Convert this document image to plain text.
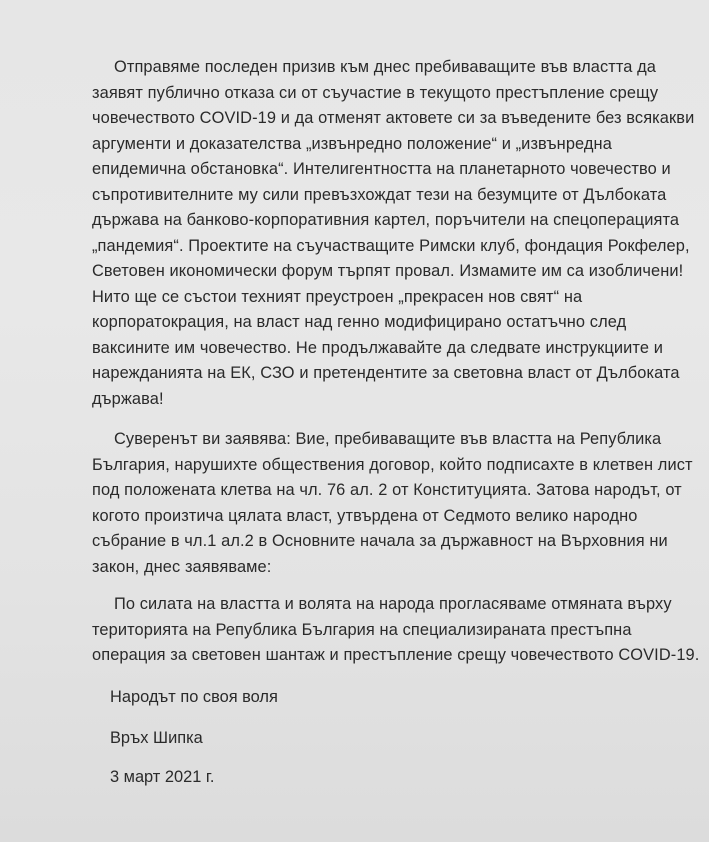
Отправяме последен призив към днес пребиваващите във властта да
заявят публично отказа си от съучастие в текущото престъпление срещу
човечеството COVID-19 и да отменят актовете си за въведените без всякакви
аргументи и доказателства „извънредно положение“ и „извънредна
епидемична обстановка“. Интелигентността на планетарното човечество и
съпротивителните му сили превъзхождат тези на безумците от Дълбоката
държава на банково-корпоративния картел, поръчители на спецоперацията
„пандемия“. Проектите на съучастващите Римски клуб, фондация Рокфелер,
Световен икономически форум търпят провал. Измамите им са изобличени!
Нито ще се състои техният преустроен „прекрасен нов свят“ на
корпоратокрация, на власт над генно модифицирано остатъчно след
ваксините им човечество. Не продължавайте да следвате инструкциите и
нарежданията на ЕК, СЗО и претендентите за световна власт от Дълбоката
държава!
Суверенът ви заявява: Вие, пребиваващите във властта на Република
България, нарушихте обществения договор, който подписахте в клетвен лист
под положената клетва на чл. 76 ал. 2 от Конституцията. Затова народът, от
когото произтича цялата власт, утвърдена от Седмото велико народно
събрание в чл.1 ал.2 в Основните начала за държавност на Върховния ни
закон, днес заявяваме:
По силата на властта и волята на народа прогласяваме отмяната върху
територията на Република България на специализираната престъпна
операция за световен шантаж и престъпление срещу човечеството COVID-19.
Народът по своя воля
Връх Шипка
3 март 2021 г.
